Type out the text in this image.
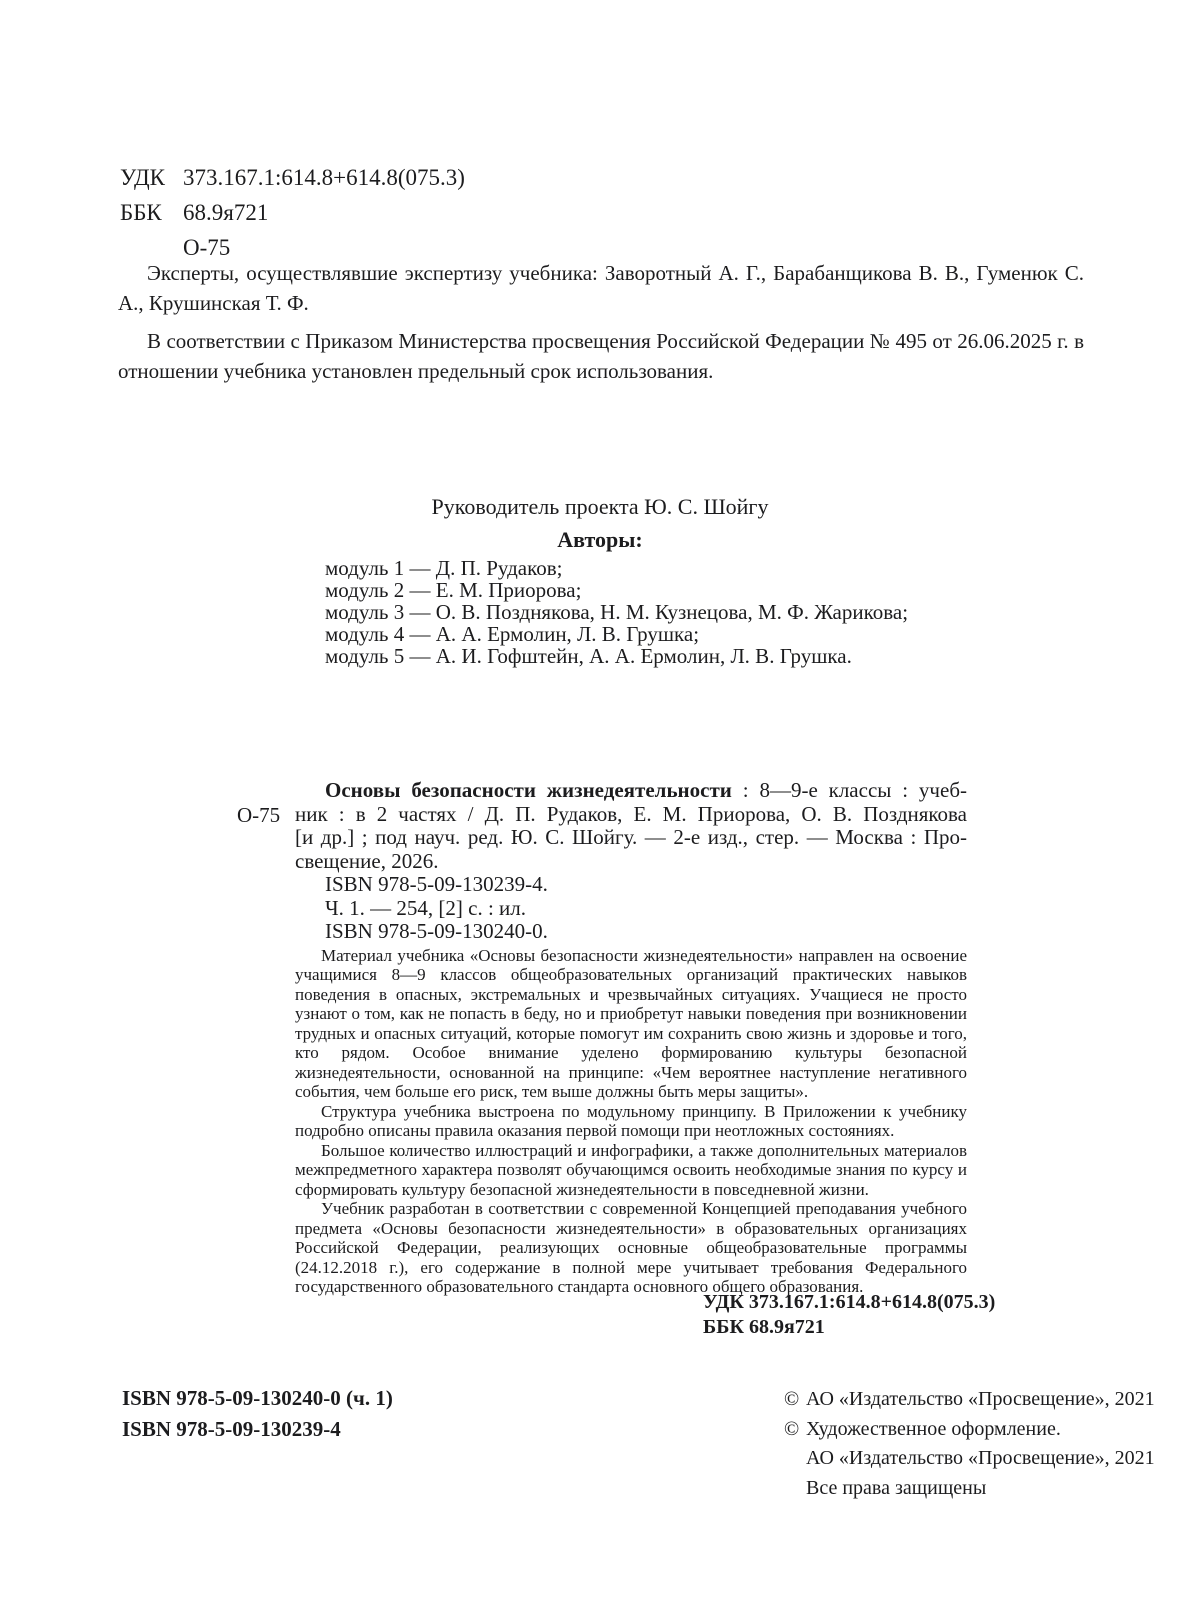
УДК 373.167.1:614.8+614.8(075.3)
ББК 68.9я721
О-75
Эксперты, осуществлявшие экспертизу учебника: Заворотный А. Г., Барабанщикова В. В., Гуменюк С. А., Крушинская Т. Ф.
В соответствии с Приказом Министерства просвещения Российской Федерации № 495 от 26.06.2025 г. в отношении учебника установлен предельный срок использования.
Руководитель проекта Ю. С. Шойгу
Авторы:
модуль 1 — Д. П. Рудаков;
модуль 2 — Е. М. Приорова;
модуль 3 — О. В. Позднякова, Н. М. Кузнецова, М. Ф. Жарикова;
модуль 4 — А. А. Ермолин, Л. В. Грушка;
модуль 5 — А. И. Гофштейн, А. А. Ермолин, Л. В. Грушка.
О-75
Основы безопасности жизнедеятельности : 8—9-е классы : учеб-
ник : в 2 частях / Д. П. Рудаков, Е. М. Приорова, О. В. Позднякова
[и др.] ; под науч. ред. Ю. С. Шойгу. — 2-е изд., стер. — Москва : Про-
свещение, 2026.
ISBN 978-5-09-130239-4.
Ч. 1. — 254, [2] с. : ил.
ISBN 978-5-09-130240-0.

Материал учебника «Основы безопасности жизнедеятельности» направлен на освоение учащимися 8—9 классов общеобразовательных организаций практических навыков поведения в опасных, экстремальных и чрезвычайных ситуациях. Учащиеся не просто узнают о том, как не попасть в беду, но и приобретут навыки поведения при возникновении трудных и опасных ситуаций, которые помогут им сохранить свою жизнь и здоровье и того, кто рядом. Особое внимание уделено формированию культуры безопасной жизнедеятельности, основанной на принципе: «Чем вероятнее наступление негативного события, чем больше его риск, тем выше должны быть меры защиты».

Структура учебника выстроена по модульному принципу. В Приложении к учебнику подробно описаны правила оказания первой помощи при неотложных состояниях.

Большое количество иллюстраций и инфографики, а также дополнительных материалов межпредметного характера позволят обучающимся освоить необходимые знания по курсу и сформировать культуру безопасной жизнедеятельности в повседневной жизни.

Учебник разработан в соответствии с современной Концепцией преподавания учебного предмета «Основы безопасности жизнедеятельности» в образовательных организациях Российской Федерации, реализующих основные общеобразовательные программы (24.12.2018 г.), его содержание в полной мере учитывает требования Федерального государственного образовательного стандарта основного общего образования.

УДК 373.167.1:614.8+614.8(075.3)
ББК 68.9я721
ISBN 978-5-09-130240-0 (ч. 1)
ISBN 978-5-09-130239-4
© АО «Издательство «Просвещение», 2021
© Художественное оформление.
АО «Издательство «Просвещение», 2021
Все права защищены
